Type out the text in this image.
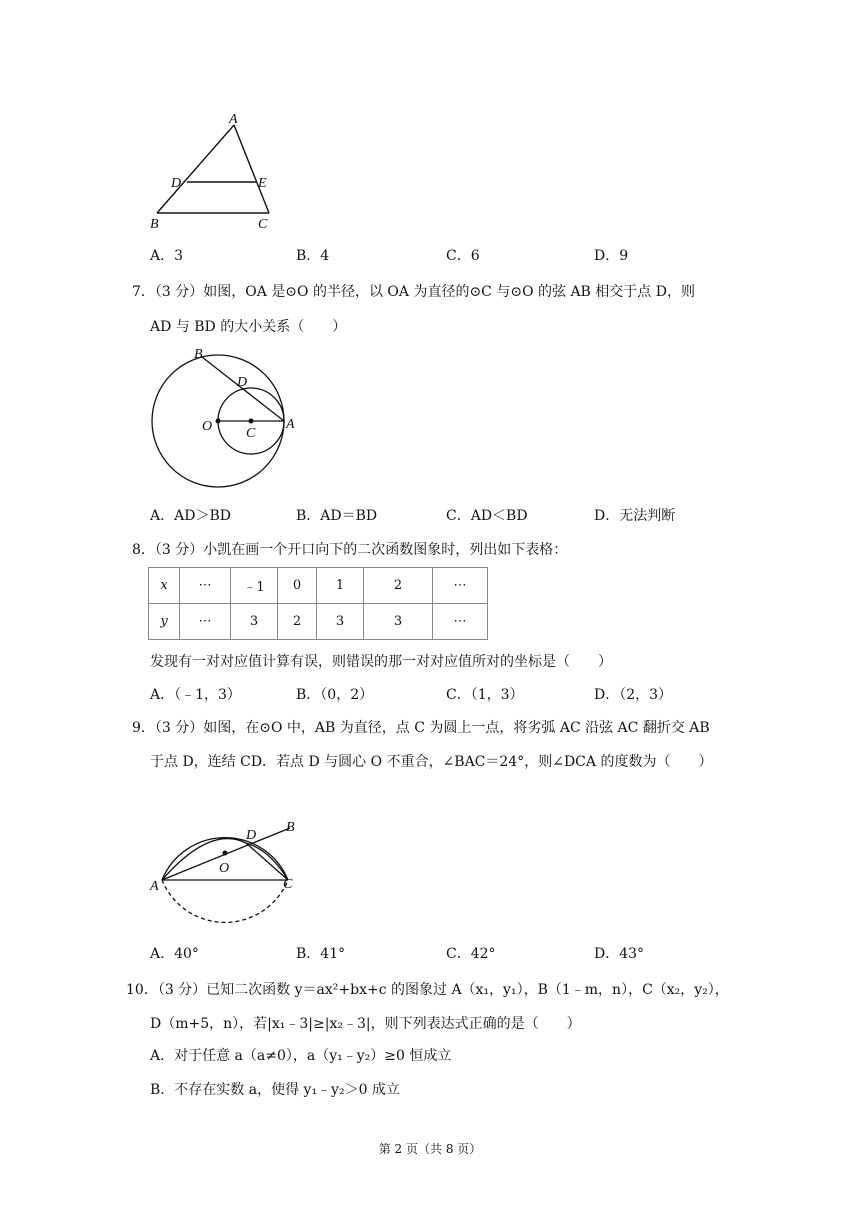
A
D	E
B	C
A．3	B．4	C．6	D．9
7．（3 分）如图，OA 是⊙O 的半径，以 OA 为直径的⊙C 与⊙O 的弦 AB 相交于点 D，则
AD 与 BD 的大小关系（　　）
B
D
O C
A
A．AD＞BD	B．AD＝BD	C．AD＜BD	D．无法判断
8．（3 分）小凯在画一个开口向下的二次函数图象时，列出如下表格：
x	⋯	﹣1	0	1	2	⋯
y	⋯	3	2	3	3	⋯
发现有一对对应值计算有误，则错误的那一对对应值所对的坐标是（　　）
A．（﹣1，3）	B．（0，2）	C．（1，3）	D．（2，3）
9．（3 分）如图，在⊙O 中，AB 为直径，点 C 为圆上一点，将劣弧 AC 沿弦 AC 翻折交 AB
于点 D，连结 CD．若点 D 与圆心 O 不重合，∠BAC＝24°，则∠DCA 的度数为（　　）
D
B
O
A	C
A．40°	B．41°	C．42°	D．43°
10．（3 分）已知二次函数 y＝ax²+bx+c 的图象过 A（x₁，y₁），B（1﹣m，n），C（x₂，y₂），
D（m+5，n），若|x₁﹣3|≥|x₂﹣3|，则下列表达式正确的是（　　）
A．对于任意 a（a≠0），a（y₁﹣y₂）≥0 恒成立
B．不存在实数 a，使得 y₁﹣y₂＞0 成立
第 2 页（共 8 页）
